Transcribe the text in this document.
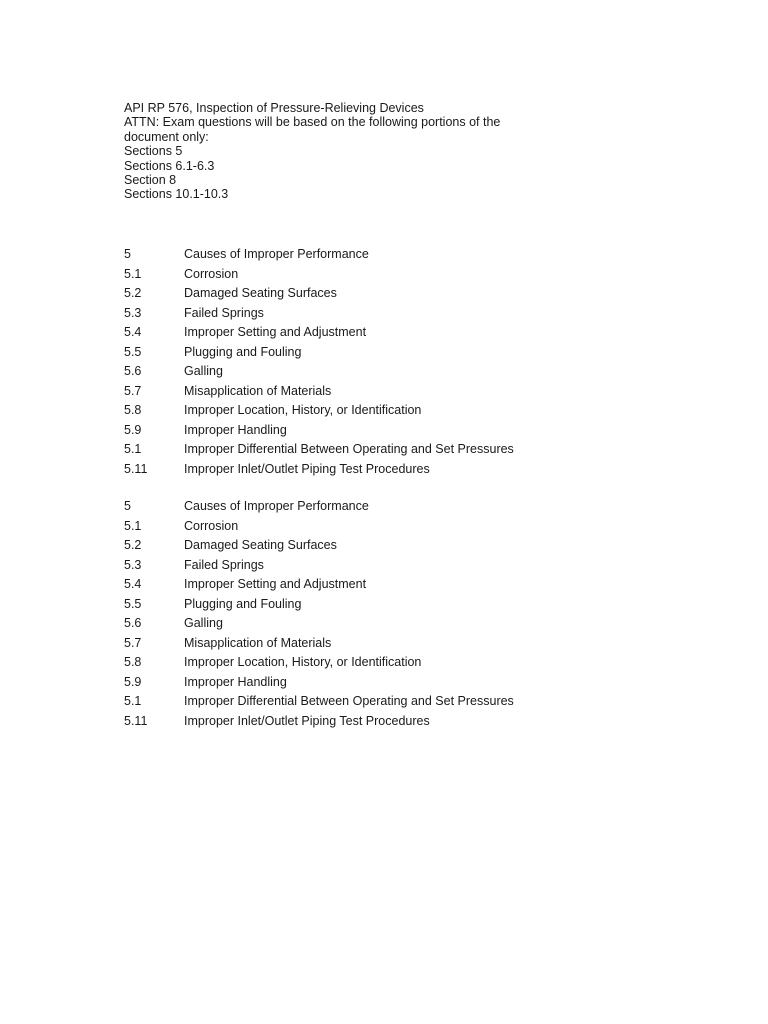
API RP 576, Inspection of Pressure-Relieving Devices
ATTN: Exam questions will be based on the following portions of the
document only:
Sections 5
Sections 6.1-6.3
Section 8
Sections 10.1-10.3
5	Causes of Improper Performance
5.1	Corrosion
5.2	Damaged Seating Surfaces
5.3	Failed Springs
5.4	Improper Setting and Adjustment
5.5	Plugging and Fouling
5.6	Galling
5.7	Misapplication of Materials
5.8	Improper Location, History, or Identification
5.9	Improper Handling
5.1	Improper Differential Between Operating and Set Pressures
5.11	Improper Inlet/Outlet Piping Test Procedures
5	Causes of Improper Performance
5.1	Corrosion
5.2	Damaged Seating Surfaces
5.3	Failed Springs
5.4	Improper Setting and Adjustment
5.5	Plugging and Fouling
5.6	Galling
5.7	Misapplication of Materials
5.8	Improper Location, History, or Identification
5.9	Improper Handling
5.1	Improper Differential Between Operating and Set Pressures
5.11	Improper Inlet/Outlet Piping Test Procedures
